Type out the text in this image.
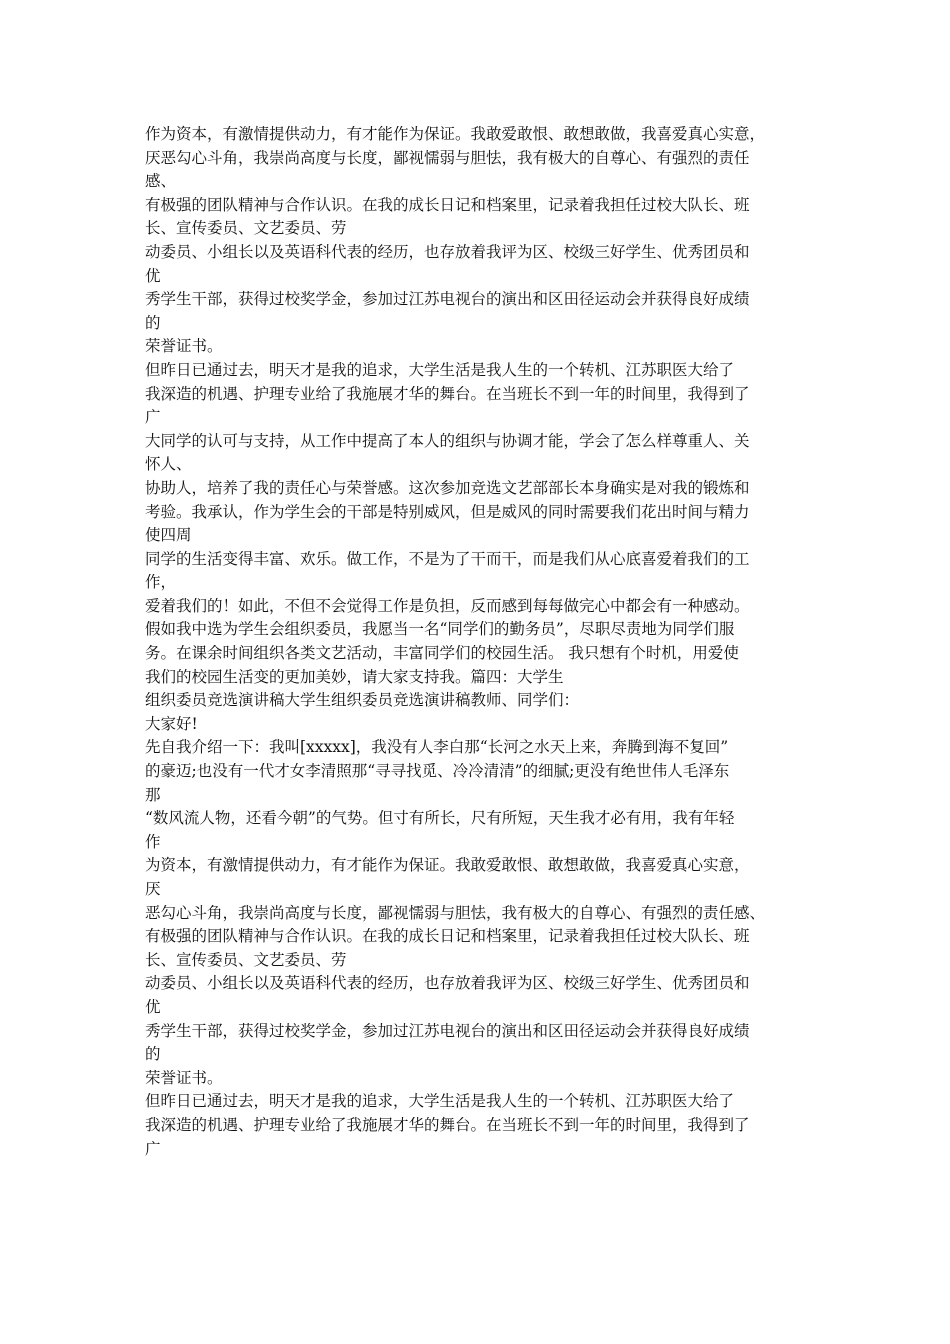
作为资本，有激情提供动力，有才能作为保证。我敢爱敢恨、敢想敢做，我喜爱真心实意，
厌恶勾心斗角，我崇尚高度与长度，鄙视懦弱与胆怯，我有极大的自尊心、有强烈的责任
感、
有极强的团队精神与合作认识。在我的成长日记和档案里，记录着我担任过校大队长、班
长、宣传委员、文艺委员、劳
动委员、小组长以及英语科代表的经历，也存放着我评为区、校级三好学生、优秀团员和
优
秀学生干部，获得过校奖学金，参加过江苏电视台的演出和区田径运动会并获得良好成绩
的
荣誉证书。
但昨日已通过去，明天才是我的追求，大学生活是我人生的一个转机、江苏职医大给了
我深造的机遇、护理专业给了我施展才华的舞台。在当班长不到一年的时间里，我得到了
广
大同学的认可与支持，从工作中提高了本人的组织与协调才能，学会了怎么样尊重人、关
怀人、
协助人，培养了我的责任心与荣誉感。这次参加竞选文艺部部长本身确实是对我的锻炼和
考验。我承认，作为学生会的干部是特别威风，但是威风的同时需要我们花出时间与精力
使四周
同学的生活变得丰富、欢乐。做工作，不是为了干而干，而是我们从心底喜爱着我们的工
作，
爱着我们的！如此，不但不会觉得工作是负担，反而感到每每做完心中都会有一种感动。
假如我中选为学生会组织委员，我愿当一名“同学们的勤务员”，尽职尽责地为同学们服
务。在课余时间组织各类文艺活动，丰富同学们的校园生活。 我只想有个时机，用爱使
我们的校园生活变的更加美妙，请大家支持我。篇四：大学生
组织委员竞选演讲稿大学生组织委员竞选演讲稿教师、同学们：
大家好!
先自我介绍一下：我叫[xxxxx]，我没有人李白那“长河之水天上来，奔腾到海不复回”
的豪迈;也没有一代才女李清照那“寻寻找觅、冷冷清清”的细腻;更没有绝世伟人毛泽东
那
“数风流人物，还看今朝”的气势。但寸有所长，尺有所短，天生我才必有用，我有年轻
作
为资本，有激情提供动力，有才能作为保证。我敢爱敢恨、敢想敢做，我喜爱真心实意，
厌
恶勾心斗角，我崇尚高度与长度，鄙视懦弱与胆怯，我有极大的自尊心、有强烈的责任感、
有极强的团队精神与合作认识。在我的成长日记和档案里，记录着我担任过校大队长、班
长、宣传委员、文艺委员、劳
动委员、小组长以及英语科代表的经历，也存放着我评为区、校级三好学生、优秀团员和
优
秀学生干部，获得过校奖学金，参加过江苏电视台的演出和区田径运动会并获得良好成绩
的
荣誉证书。
但昨日已通过去，明天才是我的追求，大学生活是我人生的一个转机、江苏职医大给了
我深造的机遇、护理专业给了我施展才华的舞台。在当班长不到一年的时间里，我得到了
广
